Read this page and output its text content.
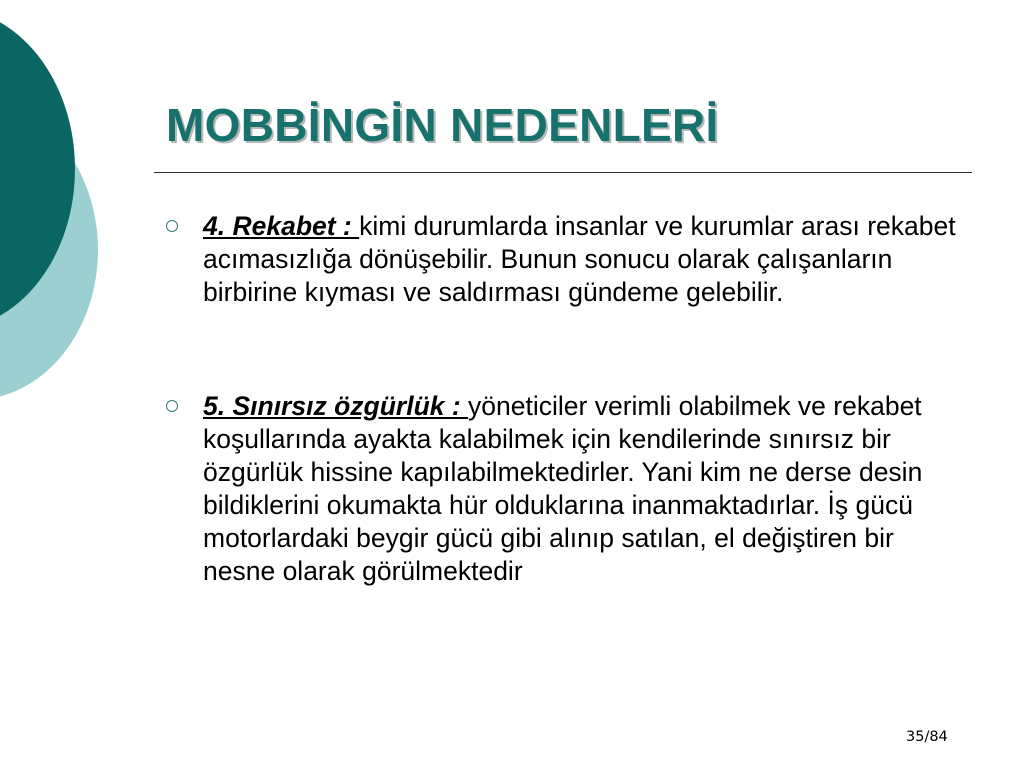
MOBBİNGİN NEDENLERİ
4. Rekabet : kimi durumlarda insanlar ve kurumlar arası rekabet acımasızlığa dönüşebilir. Bunun sonucu olarak çalışanların birbirine kıyması ve saldırması gündeme gelebilir.
5. Sınırsız özgürlük : yöneticiler verimli olabilmek ve rekabet koşullarında ayakta kalabilmek için kendilerinde sınırsız bir özgürlük hissine kapılabilmektedirler. Yani kim ne derse desin bildiklerini okumakta hür olduklarına inanmaktadırlar. İş gücü motorlardaki beygir gücü gibi alınıp satılan, el değiştiren bir nesne olarak görülmektedir
35/84
